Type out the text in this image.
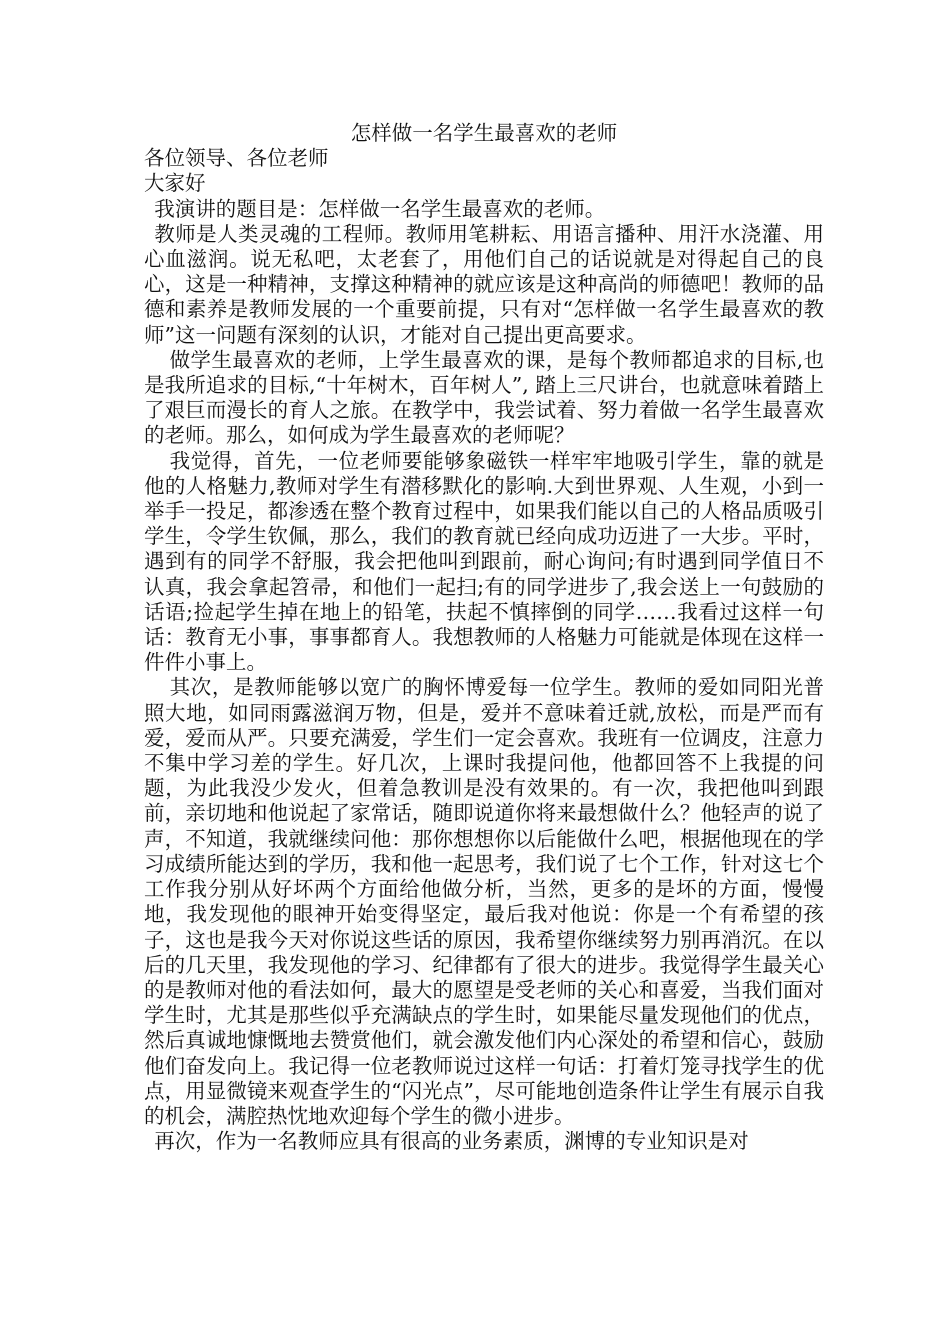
怎样做一名学生最喜欢的老师

各位领导、各位老师

大家好

我演讲的题目是：怎样做一名学生最喜欢的老师。

教师是人类灵魂的工程师。教师用笔耕耘、用语言播种、用汗水浇灌、用心血滋润。说无私吧，太老套了，用他们自己的话说就是对得起自己的良心，这是一种精神，支撑这种精神的就应该是这种高尚的师德吧！教师的品德和素养是教师发展的一个重要前提，只有对“怎样做一名学生最喜欢的教师”这一问题有深刻的认识，才能对自己提出更高要求。

做学生最喜欢的老师，上学生最喜欢的课，是每个教师都追求的目标,也是我所追求的目标,“十年树木，百年树人”, 踏上三尺讲台，也就意味着踏上了艰巨而漫长的育人之旅。在教学中，我尝试着、努力着做一名学生最喜欢的老师。那么，如何成为学生最喜欢的老师呢？

我觉得，首先，一位老师要能够象磁铁一样牢牢地吸引学生，靠的就是他的人格魅力,教师对学生有潜移默化的影响.大到世界观、人生观，小到一举手一投足，都渗透在整个教育过程中，如果我们能以自己的人格品质吸引学生，令学生钦佩，那么，我们的教育就已经向成功迈进了一大步。平时，遇到有的同学不舒服，我会把他叫到跟前，耐心询问;有时遇到同学值日不认真，我会拿起笤帚，和他们一起扫;有的同学进步了,我会送上一句鼓励的话语;捡起学生掉在地上的铅笔，扶起不慎摔倒的同学……我看过这样一句话：教育无小事，事事都育人。我想教师的人格魅力可能就是体现在这样一件件小事上。

其次，是教师能够以宽广的胸怀博爱每一位学生。教师的爱如同阳光普照大地，如同雨露滋润万物，但是，爱并不意味着迁就,放松，而是严而有爱，爱而从严。只要充满爱，学生们一定会喜欢。我班有一位调皮，注意力不集中学习差的学生。好几次，上课时我提问他，他都回答不上我提的问题，为此我没少发火，但着急教训是没有效果的。有一次，我把他叫到跟前，亲切地和他说起了家常话，随即说道你将来最想做什么？他轻声的说了声，不知道，我就继续问他：那你想想你以后能做什么吧，根据他现在的学习成绩所能达到的学历，我和他一起思考，我们说了七个工作，针对这七个工作我分别从好坏两个方面给他做分析，当然，更多的是坏的方面，慢慢地，我发现他的眼神开始变得坚定，最后我对他说：你是一个有希望的孩子，这也是我今天对你说这些话的原因，我希望你继续努力别再消沉。在以后的几天里，我发现他的学习、纪律都有了很大的进步。我觉得学生最关心的是教师对他的看法如何，最大的愿望是受老师的关心和喜爱，当我们面对学生时，尤其是那些似乎充满缺点的学生时，如果能尽量发现他们的优点，然后真诚地慷慨地去赞赏他们，就会激发他们内心深处的希望和信心，鼓励他们奋发向上。我记得一位老教师说过这样一句话：打着灯笼寻找学生的优点，用显微镜来观查学生的“闪光点”，尽可能地创造条件让学生有展示自我的机会，满腔热忱地欢迎每个学生的微小进步。

再次，作为一名教师应具有很高的业务素质，渊博的专业知识是对
